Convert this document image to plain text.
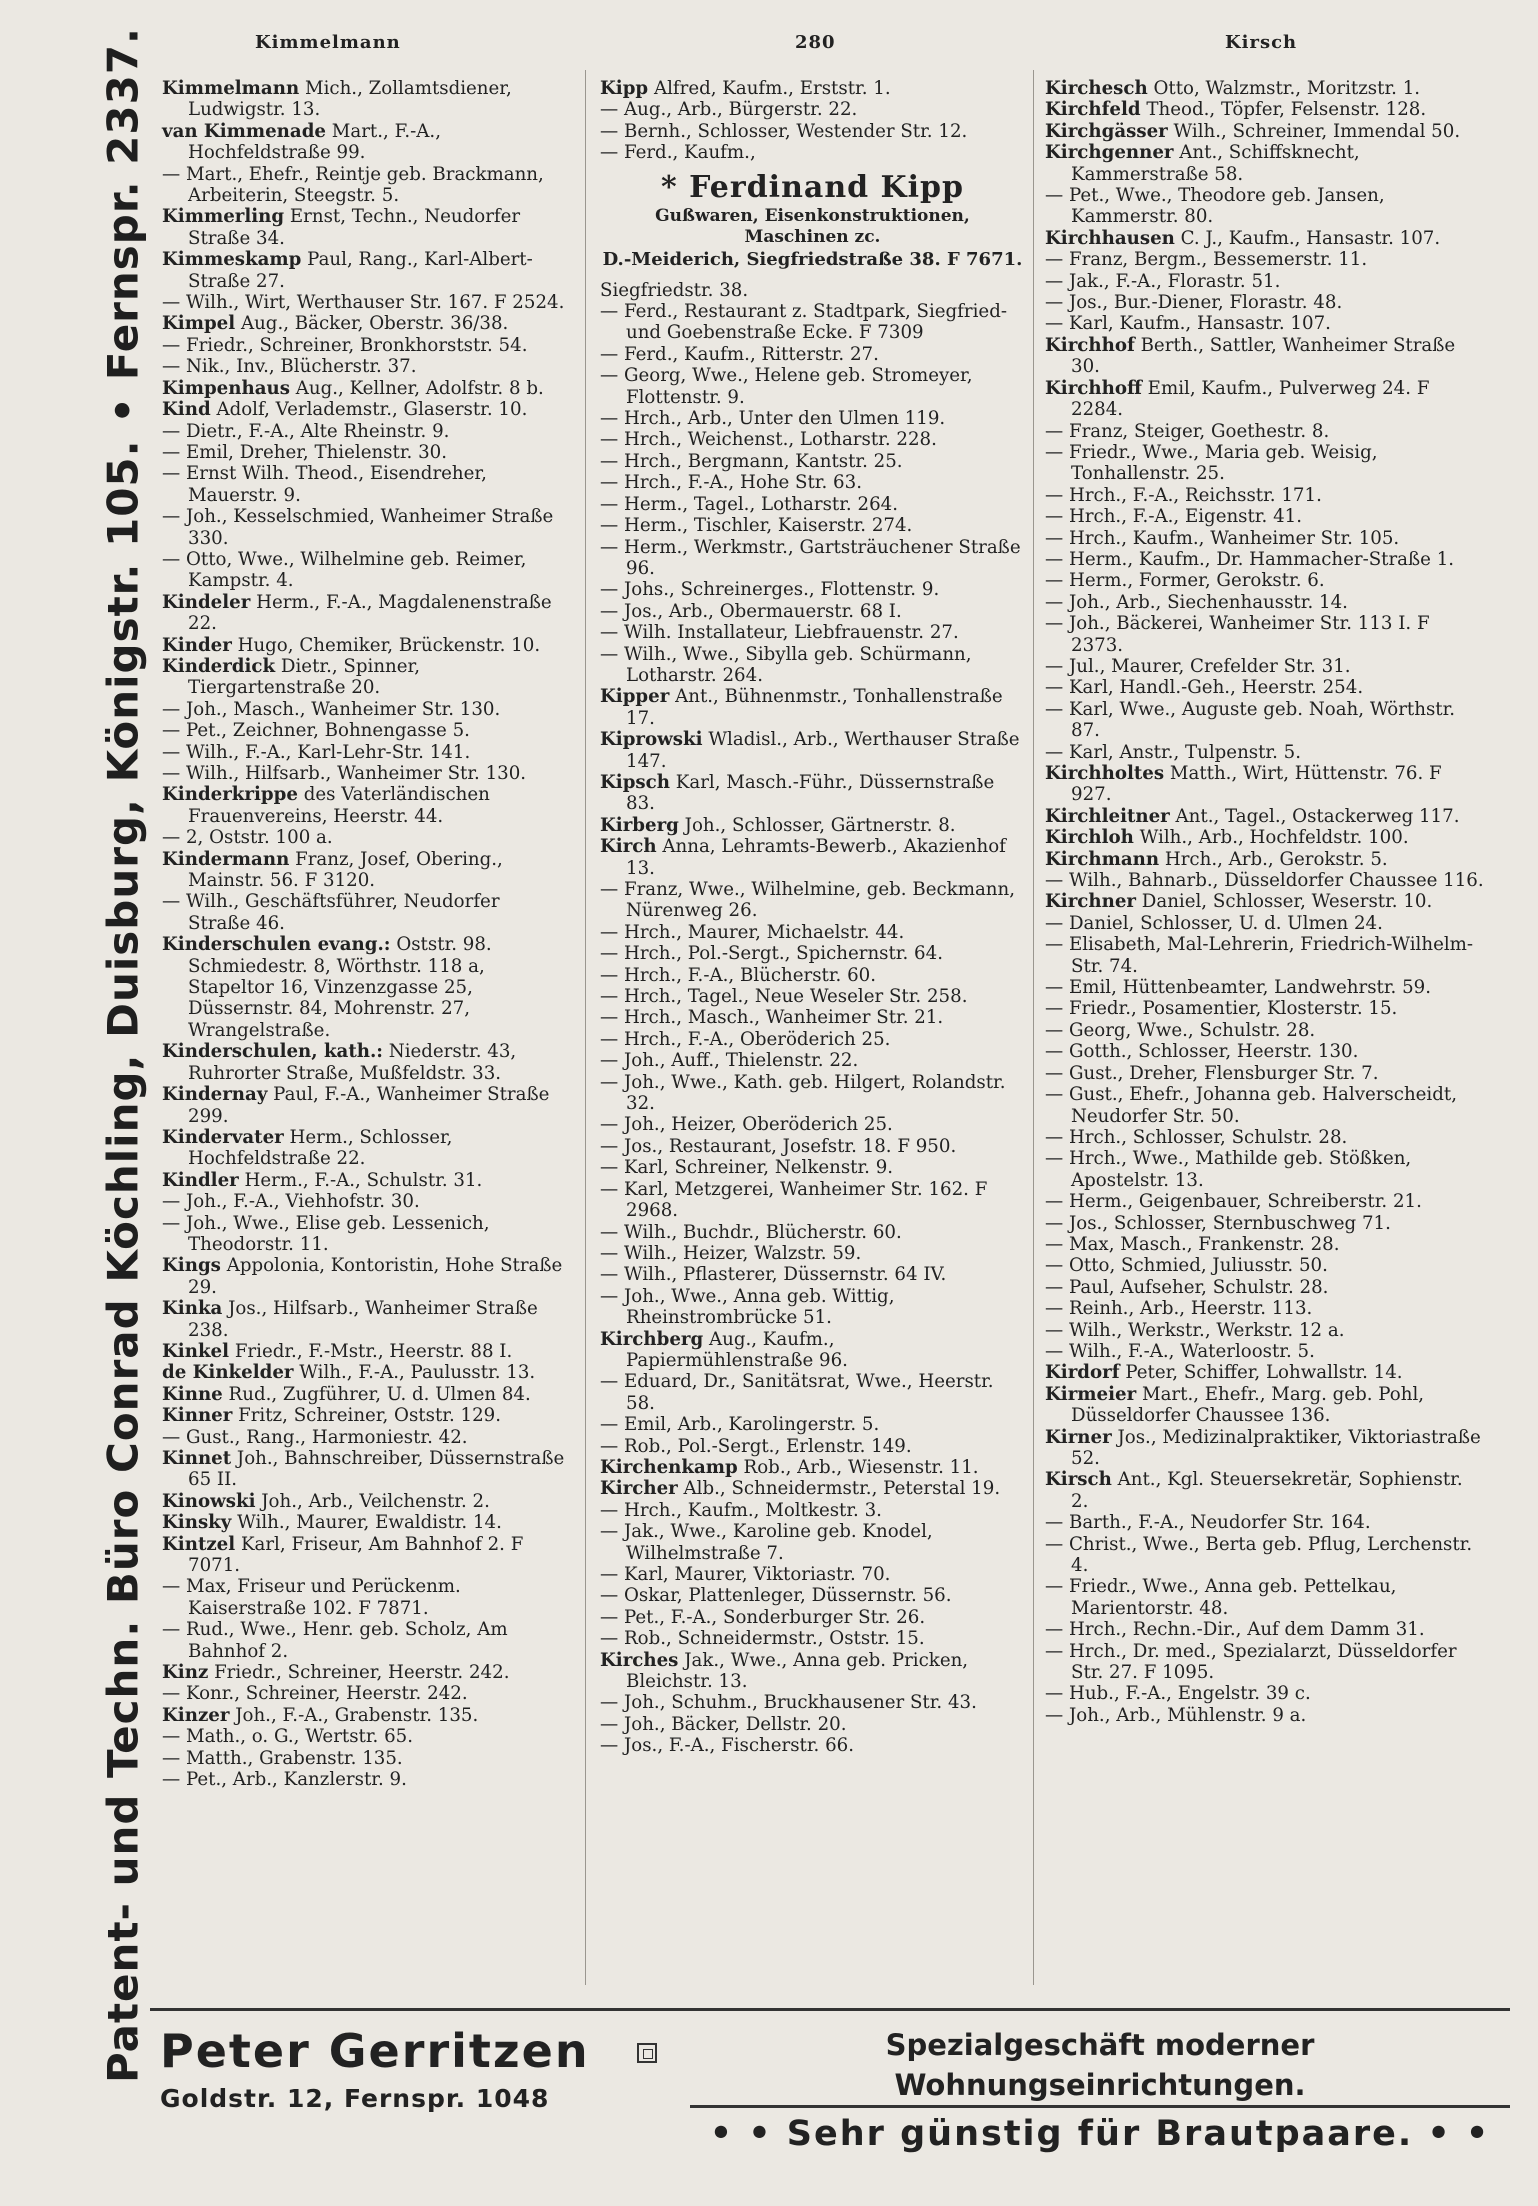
Patent- und Techn. Büro Conrad Köchling, Duisburg, Königstr. 105. • Fernspr. 2337.	Kimmelmann	280	Kirsch

Kimmelmann Mich., Zollamtsdiener, Ludwigstr. 13.

van Kimmenade Mart., F.-A., Hochfeldstraße 99.

— Mart., Ehefr., Reintje geb. Brackmann, Arbeiterin, Steegstr. 5.

Kimmerling Ernst, Techn., Neudorfer Straße 34.

Kimmeskamp Paul, Rang., Karl-Albert-Straße 27.

— Wilh., Wirt, Werthauser Str. 167. F 2524.

Kimpel Aug., Bäcker, Oberstr. 36/38.

— Friedr., Schreiner, Bronkhorststr. 54.

— Nik., Inv., Blücherstr. 37.

Kimpenhaus Aug., Kellner, Adolfstr. 8 b.

Kind Adolf, Verlademstr., Glaserstr. 10.

— Dietr., F.-A., Alte Rheinstr. 9.

— Emil, Dreher, Thielenstr. 30.

— Ernst Wilh. Theod., Eisendreher, Mauerstr. 9.

— Joh., Kesselschmied, Wanheimer Straße 330.

— Otto, Wwe., Wilhelmine geb. Reimer, Kampstr. 4.

Kindeler Herm., F.-A., Magdalenenstraße 22.

Kinder Hugo, Chemiker, Brückenstr. 10.

Kinderdick Dietr., Spinner, Tiergartenstraße 20.

— Joh., Masch., Wanheimer Str. 130.

— Pet., Zeichner, Bohnengasse 5.

— Wilh., F.-A., Karl-Lehr-Str. 141.

— Wilh., Hilfsarb., Wanheimer Str. 130.

Kinderkrippe des Vaterländischen Frauenvereins, Heerstr. 44.

— 2, Oststr. 100 a.

Kindermann Franz, Josef, Obering., Mainstr. 56. F 3120.

— Wilh., Geschäftsführer, Neudorfer Straße 46.

Kinderschulen evang.: Oststr. 98. Schmiedestr. 8, Wörthstr. 118 a, Stapeltor 16, Vinzenzgasse 25, Düssernstr. 84, Mohrenstr. 27, Wrangelstraße.

Kinderschulen, kath.: Niederstr. 43, Ruhrorter Straße, Mußfeldstr. 33.

Kindernay Paul, F.-A., Wanheimer Straße 299.

Kindervater Herm., Schlosser, Hochfeldstraße 22.

Kindler Herm., F.-A., Schulstr. 31.

— Joh., F.-A., Viehhofstr. 30.

— Joh., Wwe., Elise geb. Lessenich, Theodorstr. 11.

Kings Appolonia, Kontoristin, Hohe Straße 29.

Kinka Jos., Hilfsarb., Wanheimer Straße 238.

Kinkel Friedr., F.-Mstr., Heerstr. 88 I.

de Kinkelder Wilh., F.-A., Paulusstr. 13.

Kinne Rud., Zugführer, U. d. Ulmen 84.

Kinner Fritz, Schreiner, Oststr. 129.

— Gust., Rang., Harmoniestr. 42.

Kinnet Joh., Bahnschreiber, Düssernstraße 65 II.

Kinowski Joh., Arb., Veilchenstr. 2.

Kinsky Wilh., Maurer, Ewaldistr. 14.

Kintzel Karl, Friseur, Am Bahnhof 2. F 7071.

— Max, Friseur und Perückenm. Kaiserstraße 102. F 7871.

— Rud., Wwe., Henr. geb. Scholz, Am Bahnhof 2.

Kinz Friedr., Schreiner, Heerstr. 242.

— Konr., Schreiner, Heerstr. 242.

Kinzer Joh., F.-A., Grabenstr. 135.

— Math., o. G., Wertstr. 65.

— Matth., Grabenstr. 135.

— Pet., Arb., Kanzlerstr. 9.

Kipp Alfred, Kaufm., Erststr. 1.

— Aug., Arb., Bürgerstr. 22.

— Bernh., Schlosser, Westender Str. 12.

— Ferd., Kaufm.,

* Ferdinand Kipp
Gußwaren, Eisenkonstruktionen,
Maschinen zc.
D.-Meiderich, Siegfriedstraße 38. F 7671.

Siegfriedstr. 38.

— Ferd., Restaurant z. Stadtpark, Siegfried- und Goebenstraße Ecke. F 7309

— Ferd., Kaufm., Ritterstr. 27.

— Georg, Wwe., Helene geb. Stromeyer, Flottenstr. 9.

— Hrch., Arb., Unter den Ulmen 119.

— Hrch., Weichenst., Lotharstr. 228.

— Hrch., Bergmann, Kantstr. 25.

— Hrch., F.-A., Hohe Str. 63.

— Herm., Tagel., Lotharstr. 264.

— Herm., Tischler, Kaiserstr. 274.

— Herm., Werkmstr., Gartsträuchener Straße 96.

— Johs., Schreinerges., Flottenstr. 9.

— Jos., Arb., Obermauerstr. 68 I.

— Wilh. Installateur, Liebfrauenstr. 27.

— Wilh., Wwe., Sibylla geb. Schürmann, Lotharstr. 264.

Kipper Ant., Bühnenmstr., Tonhallenstraße 17.

Kiprowski Wladisl., Arb., Werthauser Straße 147.

Kipsch Karl, Masch.-Führ., Düssernstraße 83.

Kirberg Joh., Schlosser, Gärtnerstr. 8.

Kirch Anna, Lehramts-Bewerb., Akazienhof 13.

— Franz, Wwe., Wilhelmine, geb. Beckmann, Nürenweg 26.

— Hrch., Maurer, Michaelstr. 44.

— Hrch., Pol.-Sergt., Spichernstr. 64.

— Hrch., F.-A., Blücherstr. 60.

— Hrch., Tagel., Neue Weseler Str. 258.

— Hrch., Masch., Wanheimer Str. 21.

— Hrch., F.-A., Oberöderich 25.

— Joh., Auff., Thielenstr. 22.

— Joh., Wwe., Kath. geb. Hilgert, Rolandstr. 32.

— Joh., Heizer, Oberöderich 25.

— Jos., Restaurant, Josefstr. 18. F 950.

— Karl, Schreiner, Nelkenstr. 9.

— Karl, Metzgerei, Wanheimer Str. 162. F 2968.

— Wilh., Buchdr., Blücherstr. 60.

— Wilh., Heizer, Walzstr. 59.

— Wilh., Pflasterer, Düssernstr. 64 IV.

— Joh., Wwe., Anna geb. Wittig, Rheinstrombrücke 51.

Kirchberg Aug., Kaufm., Papiermühlenstraße 96.

— Eduard, Dr., Sanitätsrat, Wwe., Heerstr. 58.

— Emil, Arb., Karolingerstr. 5.

— Rob., Pol.-Sergt., Erlenstr. 149.

Kirchenkamp Rob., Arb., Wiesenstr. 11.

Kircher Alb., Schneidermstr., Peterstal 19.

— Hrch., Kaufm., Moltkestr. 3.

— Jak., Wwe., Karoline geb. Knodel, Wilhelmstraße 7.

— Karl, Maurer, Viktoriastr. 70.

— Oskar, Plattenleger, Düssernstr. 56.

— Pet., F.-A., Sonderburger Str. 26.

— Rob., Schneidermstr., Oststr. 15.

Kirches Jak., Wwe., Anna geb. Pricken, Bleichstr. 13.

— Joh., Schuhm., Bruckhausener Str. 43.

— Joh., Bäcker, Dellstr. 20.

— Jos., F.-A., Fischerstr. 66.

Kirchesch Otto, Walzmstr., Moritzstr. 1.

Kirchfeld Theod., Töpfer, Felsenstr. 128.

Kirchgässer Wilh., Schreiner, Immendal 50.

Kirchgenner Ant., Schiffsknecht, Kammerstraße 58.

— Pet., Wwe., Theodore geb. Jansen, Kammerstr. 80.

Kirchhausen C. J., Kaufm., Hansastr. 107.

— Franz, Bergm., Bessemerstr. 11.

— Jak., F.-A., Florastr. 51.

— Jos., Bur.-Diener, Florastr. 48.

— Karl, Kaufm., Hansastr. 107.

Kirchhof Berth., Sattler, Wanheimer Straße 30.

Kirchhoff Emil, Kaufm., Pulverweg 24. F 2284.

— Franz, Steiger, Goethestr. 8.

— Friedr., Wwe., Maria geb. Weisig, Tonhallenstr. 25.

— Hrch., F.-A., Reichsstr. 171.

— Hrch., F.-A., Eigenstr. 41.

— Hrch., Kaufm., Wanheimer Str. 105.

— Herm., Kaufm., Dr. Hammacher-Straße 1.

— Herm., Former, Gerokstr. 6.

— Joh., Arb., Siechenhausstr. 14.

— Joh., Bäckerei, Wanheimer Str. 113 I. F 2373.

— Jul., Maurer, Crefelder Str. 31.

— Karl, Handl.-Geh., Heerstr. 254.

— Karl, Wwe., Auguste geb. Noah, Wörthstr. 87.

— Karl, Anstr., Tulpenstr. 5.

Kirchholtes Matth., Wirt, Hüttenstr. 76. F 927.

Kirchleitner Ant., Tagel., Ostackerweg 117.

Kirchloh Wilh., Arb., Hochfeldstr. 100.

Kirchmann Hrch., Arb., Gerokstr. 5.

— Wilh., Bahnarb., Düsseldorfer Chaussee 116.

Kirchner Daniel, Schlosser, Weserstr. 10.

— Daniel, Schlosser, U. d. Ulmen 24.

— Elisabeth, Mal-Lehrerin, Friedrich-Wilhelm-Str. 74.

— Emil, Hüttenbeamter, Landwehrstr. 59.

— Friedr., Posamentier, Klosterstr. 15.

— Georg, Wwe., Schulstr. 28.

— Gotth., Schlosser, Heerstr. 130.

— Gust., Dreher, Flensburger Str. 7.

— Gust., Ehefr., Johanna geb. Halverscheidt, Neudorfer Str. 50.

— Hrch., Schlosser, Schulstr. 28.

— Hrch., Wwe., Mathilde geb. Stößken, Apostelstr. 13.

— Herm., Geigenbauer, Schreiberstr. 21.

— Jos., Schlosser, Sternbuschweg 71.

— Max, Masch., Frankenstr. 28.

— Otto, Schmied, Juliusstr. 50.

— Paul, Aufseher, Schulstr. 28.

— Reinh., Arb., Heerstr. 113.

— Wilh., Werkstr., Werkstr. 12 a.

— Wilh., F.-A., Waterloostr. 5.

Kirdorf Peter, Schiffer, Lohwallstr. 14.

Kirmeier Mart., Ehefr., Marg. geb. Pohl, Düsseldorfer Chaussee 136.

Kirner Jos., Medizinalpraktiker, Viktoriastraße 52.

Kirsch Ant., Kgl. Steuersekretär, Sophienstr. 2.

— Barth., F.-A., Neudorfer Str. 164.

— Christ., Wwe., Berta geb. Pflug, Lerchenstr. 4.

— Friedr., Wwe., Anna geb. Pettelkau, Marientorstr. 48.

— Hrch., Rechn.-Dir., Auf dem Damm 31.

— Hrch., Dr. med., Spezialarzt, Düsseldorfer Str. 27. F 1095.

— Hub., F.-A., Engelstr. 39 c.

— Joh., Arb., Mühlenstr. 9 a.

Peter Gerritzen
Goldstr. 12, Fernspr. 1048
Spezialgeschäft moderner Wohnungseinrichtungen.
• • Sehr günstig für Brautpaare. • •
